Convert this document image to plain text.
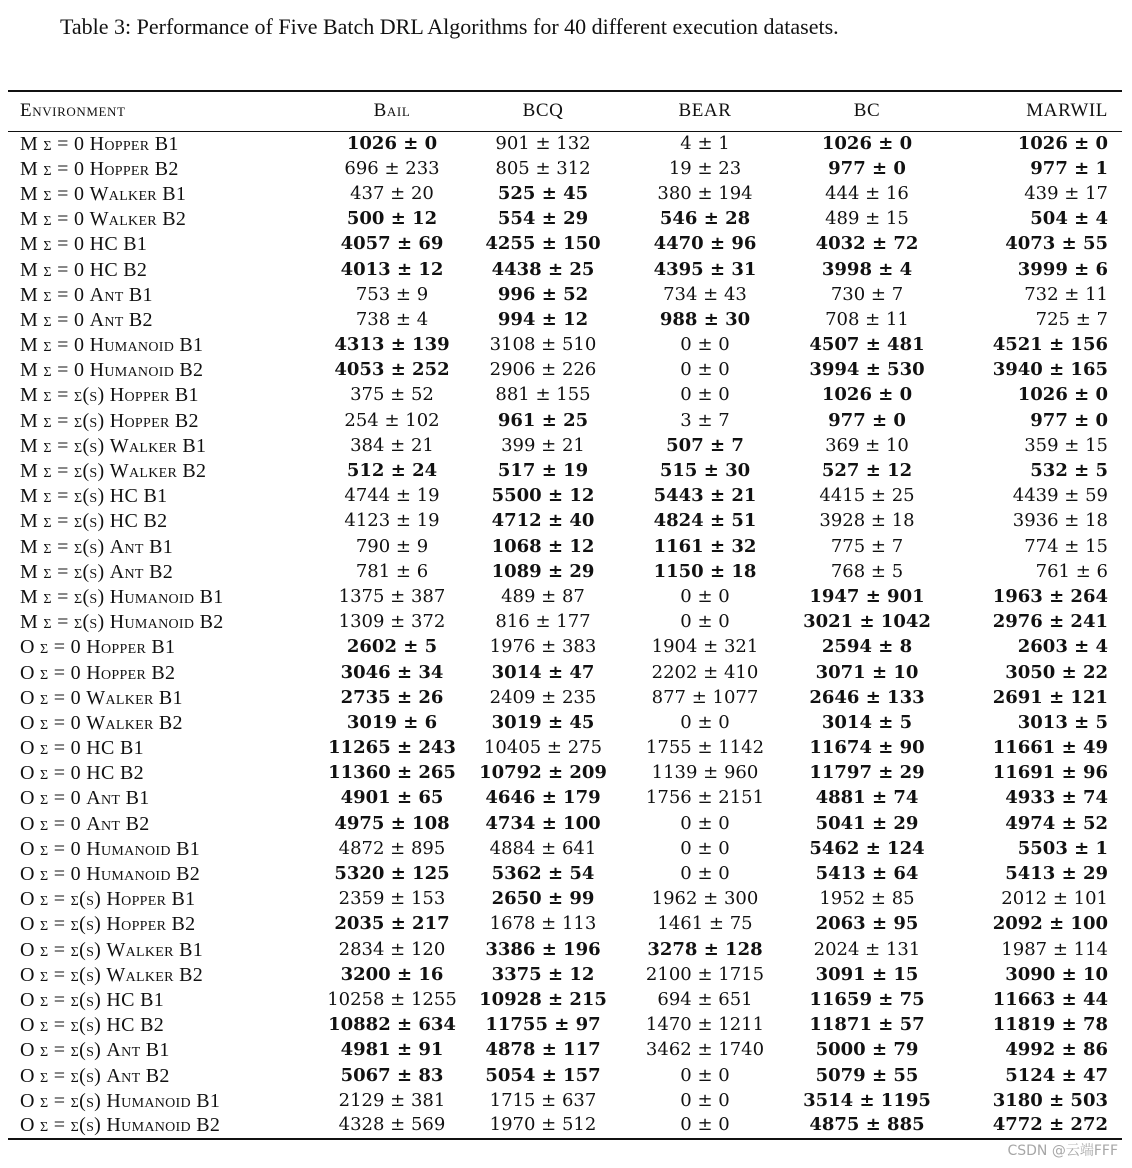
Table 3: Performance of Five Batch DRL Algorithms for 40 different execution datasets.
Environment	Bail	BCQ	BEAR	BC	MARWIL
M σ = 0 Hopper B1	1026 ± 0	901 ± 132	4 ± 1	1026 ± 0	1026 ± 0
M σ = 0 Hopper B2	696 ± 233	805 ± 312	19 ± 23	977 ± 0	977 ± 1
M σ = 0 Walker B1	437 ± 20	525 ± 45	380 ± 194	444 ± 16	439 ± 17
M σ = 0 Walker B2	500 ± 12	554 ± 29	546 ± 28	489 ± 15	504 ± 4
M σ = 0 HC B1	4057 ± 69	4255 ± 150	4470 ± 96	4032 ± 72	4073 ± 55
M σ = 0 HC B2	4013 ± 12	4438 ± 25	4395 ± 31	3998 ± 4	3999 ± 6
M σ = 0 Ant B1	753 ± 9	996 ± 52	734 ± 43	730 ± 7	732 ± 11
M σ = 0 Ant B2	738 ± 4	994 ± 12	988 ± 30	708 ± 11	725 ± 7
M σ = 0 Humanoid B1	4313 ± 139	3108 ± 510	0 ± 0	4507 ± 481	4521 ± 156
M σ = 0 Humanoid B2	4053 ± 252	2906 ± 226	0 ± 0	3994 ± 530	3940 ± 165
M σ = σ(s) Hopper B1	375 ± 52	881 ± 155	0 ± 0	1026 ± 0	1026 ± 0
M σ = σ(s) Hopper B2	254 ± 102	961 ± 25	3 ± 7	977 ± 0	977 ± 0
M σ = σ(s) Walker B1	384 ± 21	399 ± 21	507 ± 7	369 ± 10	359 ± 15
M σ = σ(s) Walker B2	512 ± 24	517 ± 19	515 ± 30	527 ± 12	532 ± 5
M σ = σ(s) HC B1	4744 ± 19	5500 ± 12	5443 ± 21	4415 ± 25	4439 ± 59
M σ = σ(s) HC B2	4123 ± 19	4712 ± 40	4824 ± 51	3928 ± 18	3936 ± 18
M σ = σ(s) Ant B1	790 ± 9	1068 ± 12	1161 ± 32	775 ± 7	774 ± 15
M σ = σ(s) Ant B2	781 ± 6	1089 ± 29	1150 ± 18	768 ± 5	761 ± 6
M σ = σ(s) Humanoid B1	1375 ± 387	489 ± 87	0 ± 0	1947 ± 901	1963 ± 264
M σ = σ(s) Humanoid B2	1309 ± 372	816 ± 177	0 ± 0	3021 ± 1042	2976 ± 241
O σ = 0 Hopper B1	2602 ± 5	1976 ± 383	1904 ± 321	2594 ± 8	2603 ± 4
O σ = 0 Hopper B2	3046 ± 34	3014 ± 47	2202 ± 410	3071 ± 10	3050 ± 22
O σ = 0 Walker B1	2735 ± 26	2409 ± 235	877 ± 1077	2646 ± 133	2691 ± 121
O σ = 0 Walker B2	3019 ± 6	3019 ± 45	0 ± 0	3014 ± 5	3013 ± 5
O σ = 0 HC B1	11265 ± 243	10405 ± 275	1755 ± 1142	11674 ± 90	11661 ± 49
O σ = 0 HC B2	11360 ± 265	10792 ± 209	1139 ± 960	11797 ± 29	11691 ± 96
O σ = 0 Ant B1	4901 ± 65	4646 ± 179	1756 ± 2151	4881 ± 74	4933 ± 74
O σ = 0 Ant B2	4975 ± 108	4734 ± 100	0 ± 0	5041 ± 29	4974 ± 52
O σ = 0 Humanoid B1	4872 ± 895	4884 ± 641	0 ± 0	5462 ± 124	5503 ± 1
O σ = 0 Humanoid B2	5320 ± 125	5362 ± 54	0 ± 0	5413 ± 64	5413 ± 29
O σ = σ(s) Hopper B1	2359 ± 153	2650 ± 99	1962 ± 300	1952 ± 85	2012 ± 101
O σ = σ(s) Hopper B2	2035 ± 217	1678 ± 113	1461 ± 75	2063 ± 95	2092 ± 100
O σ = σ(s) Walker B1	2834 ± 120	3386 ± 196	3278 ± 128	2024 ± 131	1987 ± 114
O σ = σ(s) Walker B2	3200 ± 16	3375 ± 12	2100 ± 1715	3091 ± 15	3090 ± 10
O σ = σ(s) HC B1	10258 ± 1255	10928 ± 215	694 ± 651	11659 ± 75	11663 ± 44
O σ = σ(s) HC B2	10882 ± 634	11755 ± 97	1470 ± 1211	11871 ± 57	11819 ± 78
O σ = σ(s) Ant B1	4981 ± 91	4878 ± 117	3462 ± 1740	5000 ± 79	4992 ± 86
O σ = σ(s) Ant B2	5067 ± 83	5054 ± 157	0 ± 0	5079 ± 55	5124 ± 47
O σ = σ(s) Humanoid B1	2129 ± 381	1715 ± 637	0 ± 0	3514 ± 1195	3180 ± 503
O σ = σ(s) Humanoid B2	4328 ± 569	1970 ± 512	0 ± 0	4875 ± 885	4772 ± 272
CSDN @云端FFF
